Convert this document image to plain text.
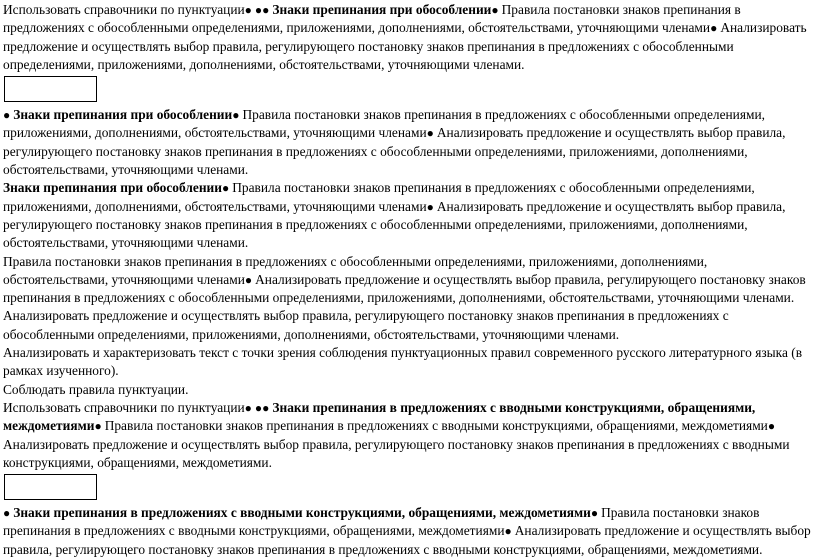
Использовать справочники по пунктуации● ●● Знаки препинания при обособлении● Правила постановки знаков препинания в предложениях с обособленными определениями, приложениями, дополнениями, обстоятельствами, уточняющими членами● Анализировать предложение и осуществлять выбор правила, регулирующего постановку знаков препинания в предложениях с обособленными определениями, приложениями, дополнениями, обстоятельствами, уточняющими членами.

● Знаки препинания при обособлении● Правила постановки знаков препинания в предложениях с обособленными определениями, приложениями, дополнениями, обстоятельствами, уточняющими членами● Анализировать предложение и осуществлять выбор правила, регулирующего постановку знаков препинания в предложениях с обособленными определениями, приложениями, дополнениями, обстоятельствами, уточняющими членами.

Знаки препинания при обособлении● Правила постановки знаков препинания в предложениях с обособленными определениями, приложениями, дополнениями, обстоятельствами, уточняющими членами● Анализировать предложение и осуществлять выбор правила, регулирующего постановку знаков препинания в предложениях с обособленными определениями, приложениями, дополнениями, обстоятельствами, уточняющими членами.

Правила постановки знаков препинания в предложениях с обособленными определениями, приложениями, дополнениями, обстоятельствами, уточняющими членами● Анализировать предложение и осуществлять выбор правила, регулирующего постановку знаков препинания в предложениях с обособленными определениями, приложениями, дополнениями, обстоятельствами, уточняющими членами.

Анализировать предложение и осуществлять выбор правила, регулирующего постановку знаков препинания в предложениях с обособленными определениями, приложениями, дополнениями, обстоятельствами, уточняющими членами.

Анализировать и характеризовать текст с точки зрения соблюдения пунктуационных правил современного русского литературного языка (в рамках изученного).

Соблюдать правила пунктуации.

Использовать справочники по пунктуации● ●● Знаки препинания в предложениях с вводными конструкциями, обращениями, междометиями● Правила постановки знаков препинания в предложениях с вводными конструкциями, обращениями, междометиями● Анализировать предложение и осуществлять выбор правила, регулирующего постановку знаков препинания в предложениях с вводными конструкциями, обращениями, междометиями.

● Знаки препинания в предложениях с вводными конструкциями, обращениями, междометиями● Правила постановки знаков препинания в предложениях с вводными конструкциями, обращениями, междометиями● Анализировать предложение и осуществлять выбор правила, регулирующего постановку знаков препинания в предложениях с вводными конструкциями, обращениями, междометиями.
